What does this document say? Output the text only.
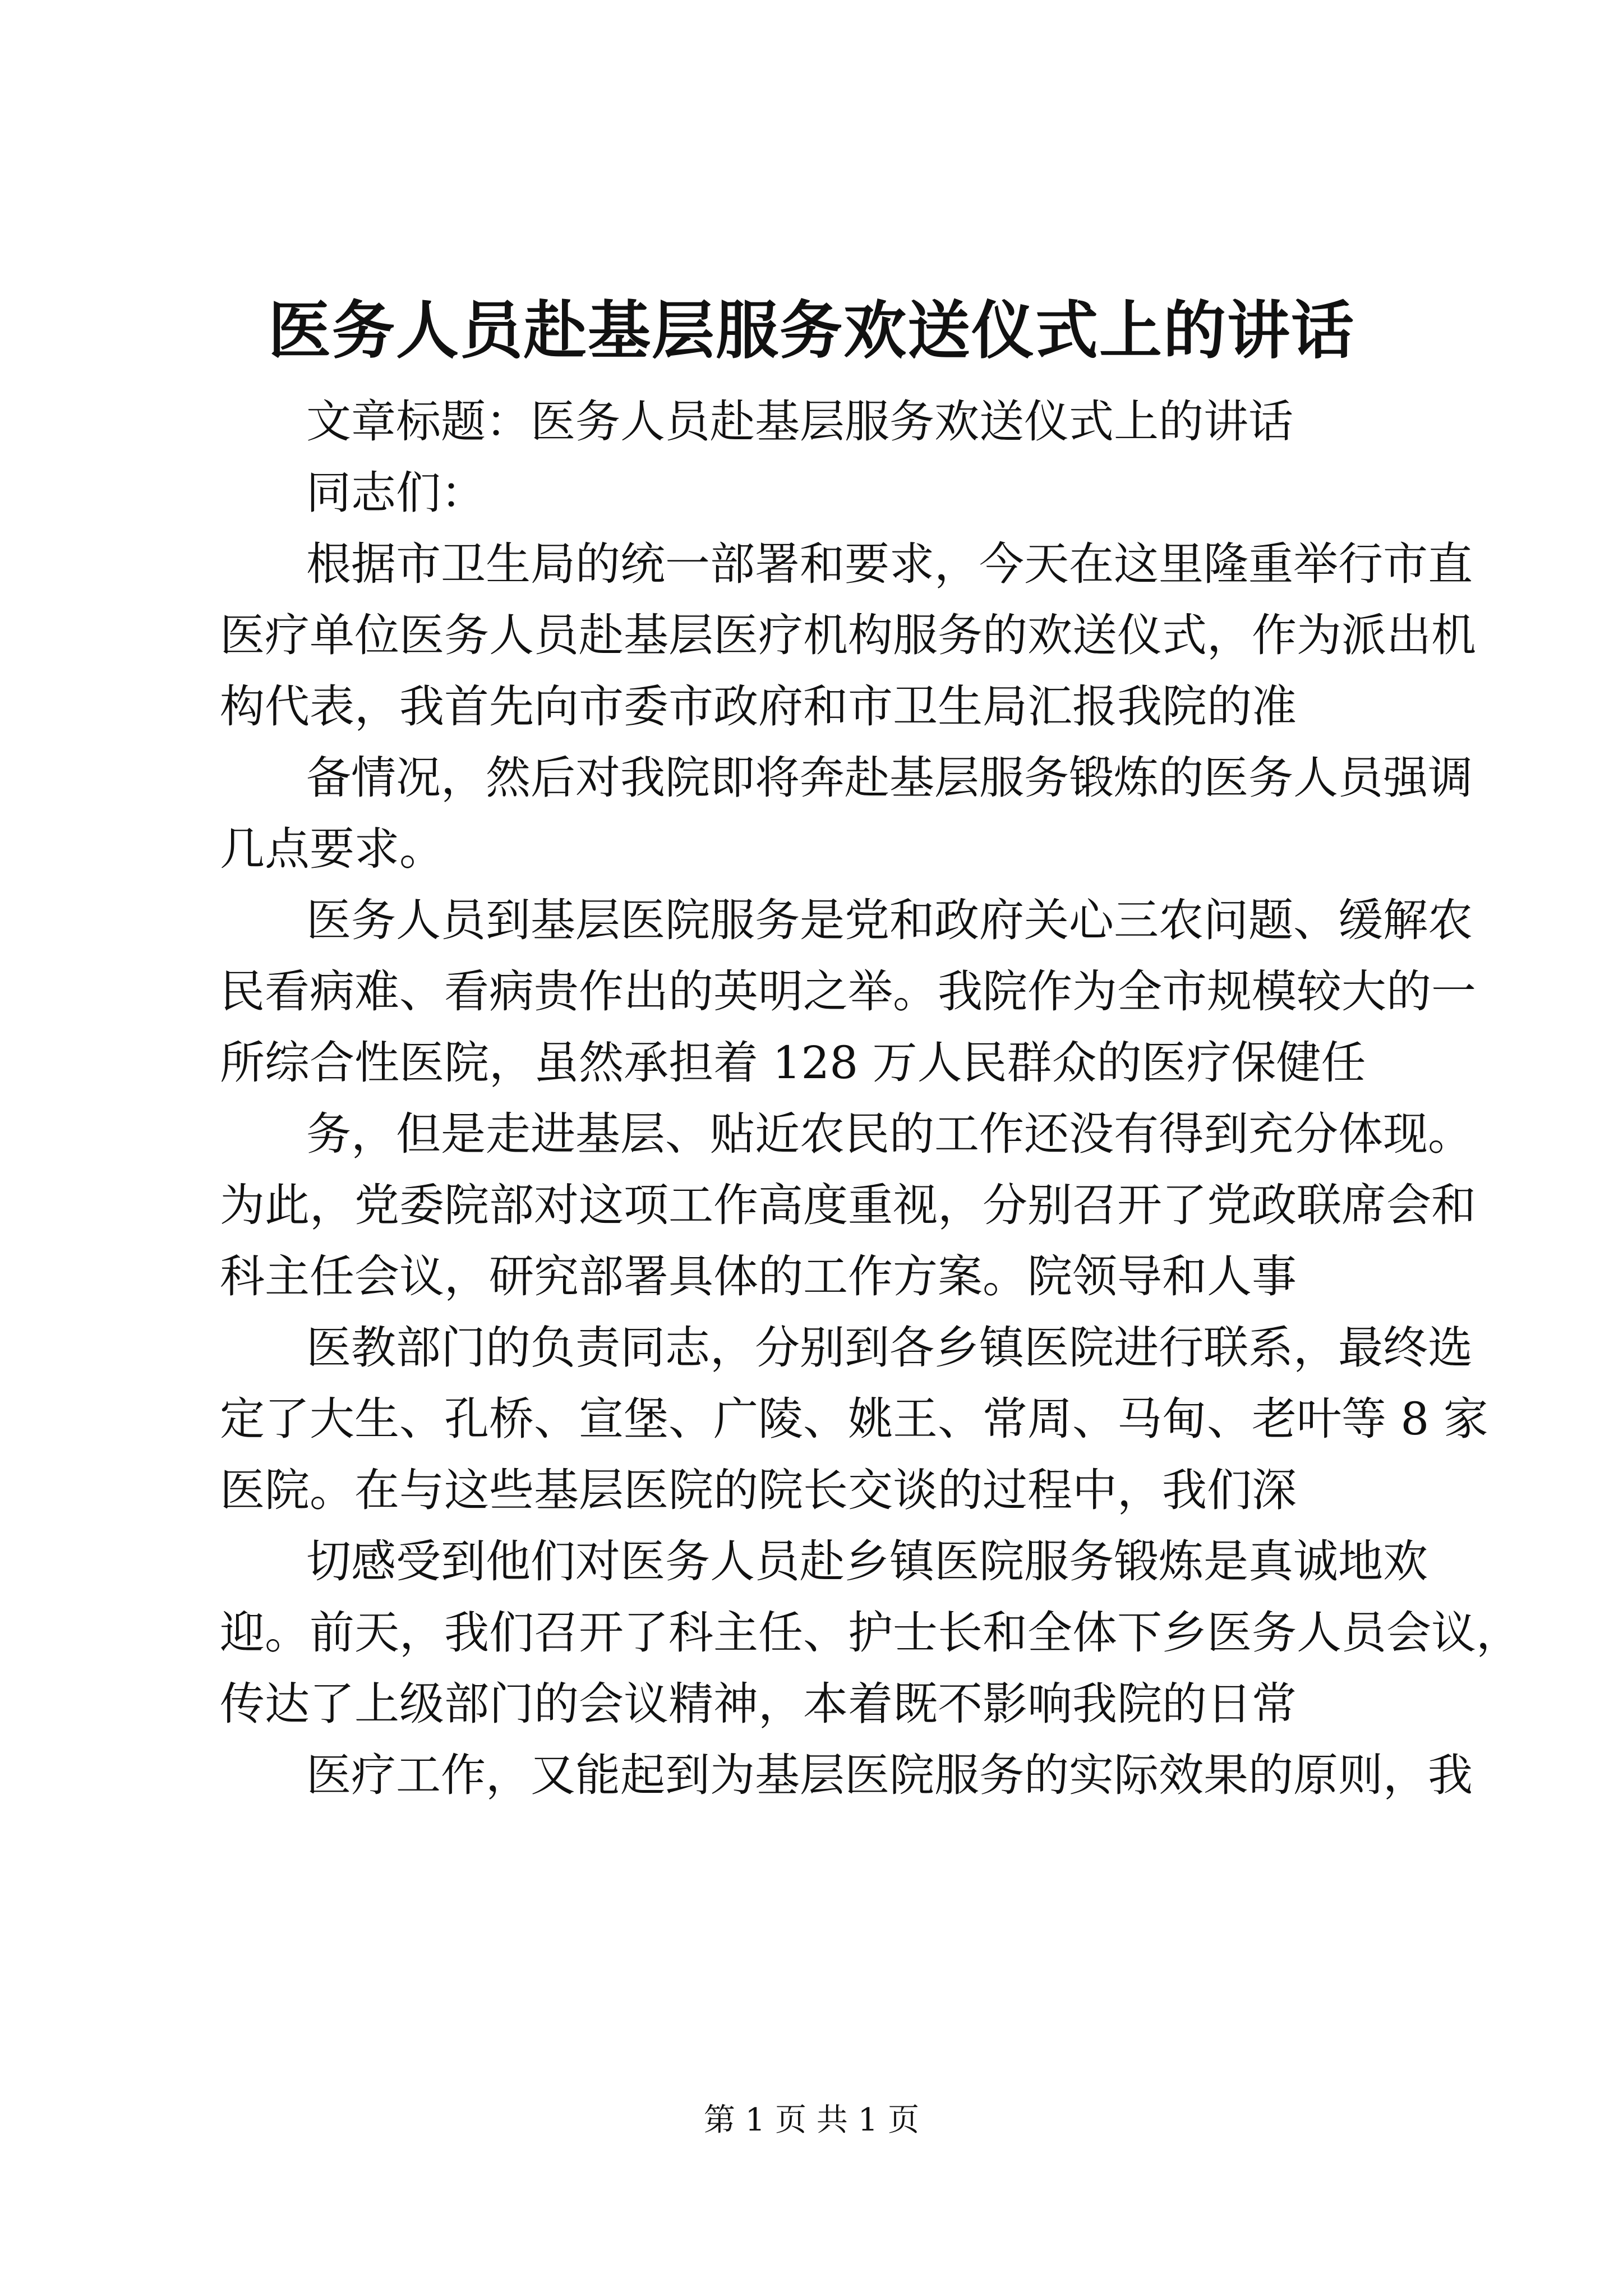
医务人员赴基层服务欢送仪式上的讲话
文章标题：医务人员赴基层服务欢送仪式上的讲话
同志们：
根据市卫生局的统一部署和要求，今天在这里隆重举行市直
医疗单位医务人员赴基层医疗机构服务的欢送仪式，作为派出机
构代表，我首先向市委市政府和市卫生局汇报我院的准
备情况，然后对我院即将奔赴基层服务锻炼的医务人员强调
几点要求。
医务人员到基层医院服务是党和政府关心三农问题、缓解农
民看病难、看病贵作出的英明之举。我院作为全市规模较大的一
所综合性医院，虽然承担着 128 万人民群众的医疗保健任
务，但是走进基层、贴近农民的工作还没有得到充分体现。
为此，党委院部对这项工作高度重视，分别召开了党政联席会和
科主任会议，研究部署具体的工作方案。院领导和人事
医教部门的负责同志，分别到各乡镇医院进行联系，最终选
定了大生、孔桥、宣堡、广陵、姚王、常周、马甸、老叶等 8 家
医院。在与这些基层医院的院长交谈的过程中，我们深
切感受到他们对医务人员赴乡镇医院服务锻炼是真诚地欢
迎。前天，我们召开了科主任、护士长和全体下乡医务人员会议，
传达了上级部门的会议精神，本着既不影响我院的日常
医疗工作，又能起到为基层医院服务的实际效果的原则，我
第 1 页 共 1 页
